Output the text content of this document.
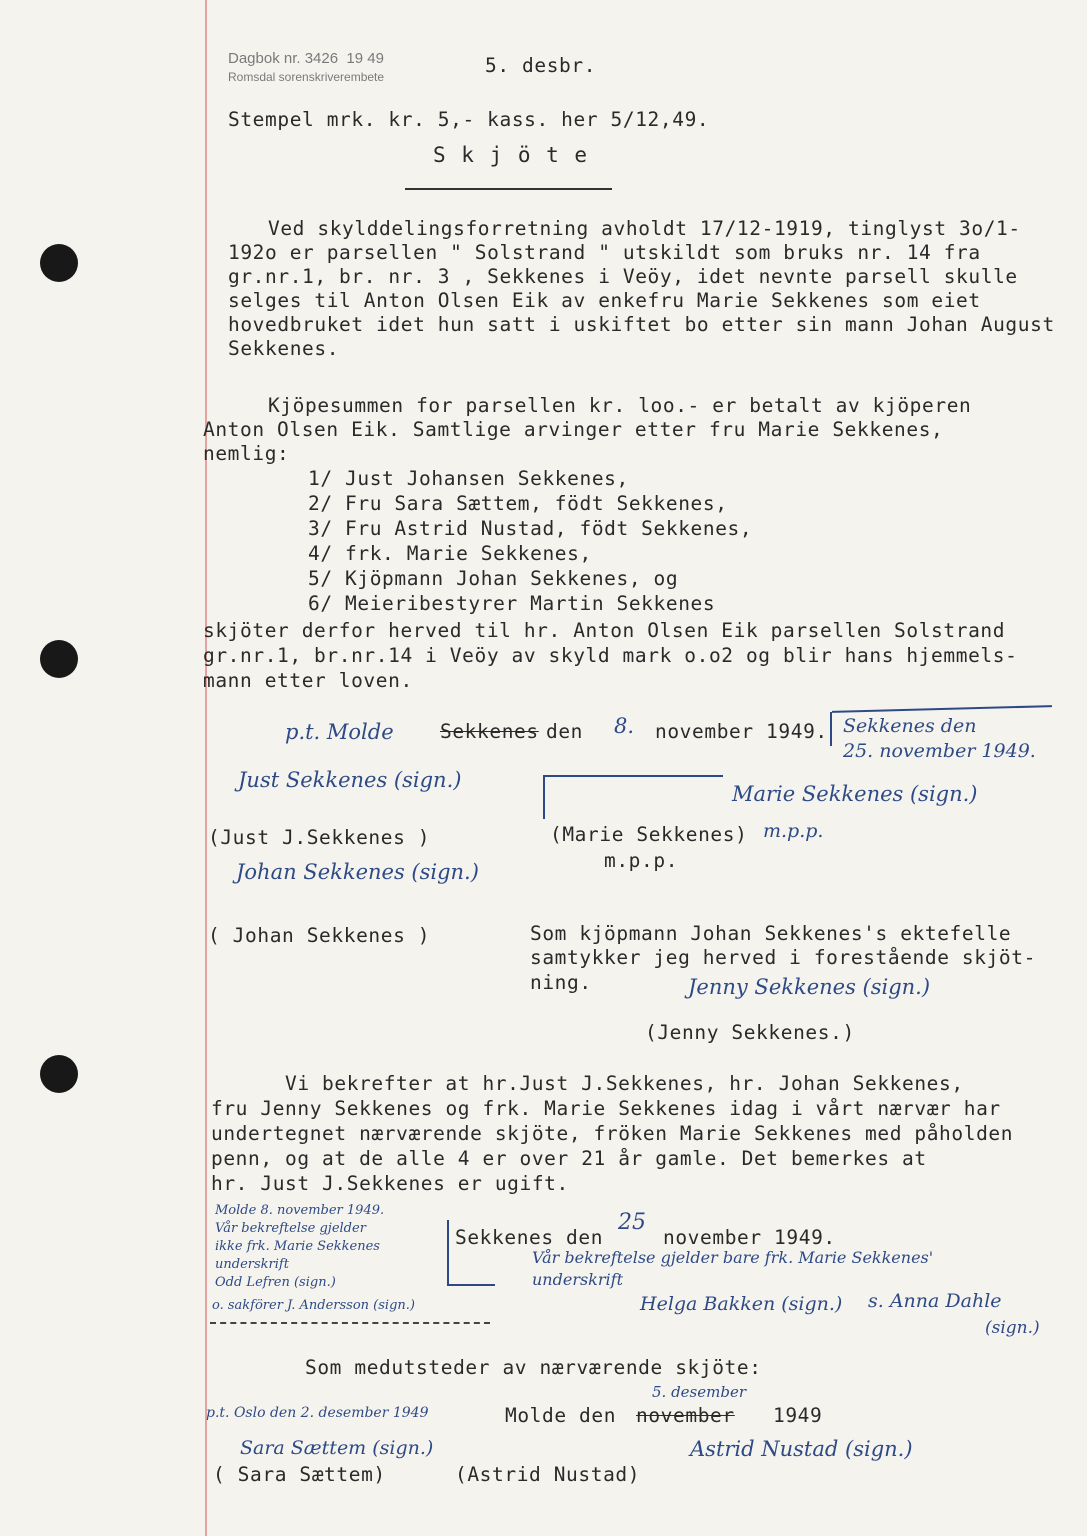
Dagbok nr. 3426  19 49
Romsdal sorenskriverembete	5. desbr.
Stempel mrk. kr. 5,- kass. her 5/12,49.
S k j ö t e
Ved skylddelingsforretning avholdt 17/12-1919, tinglyst 3o/1-
192o er parsellen " Solstrand " utskildt som bruks nr. 14 fra
gr.nr.1, br. nr. 3 , Sekkenes i Veöy, idet nevnte parsell skulle
selges til Anton Olsen Eik av enkefru Marie Sekkenes som eiet
hovedbruket idet hun satt i uskiftet bo etter sin mann Johan August
Sekkenes.
Kjöpesummen for parsellen kr. loo.- er betalt av kjöperen
Anton Olsen Eik. Samtlige arvinger etter fru Marie Sekkenes,
nemlig:
1/ Just Johansen Sekkenes,
2/ Fru Sara Sættem, födt Sekkenes,
3/ Fru Astrid Nustad, födt Sekkenes,
4/ frk. Marie Sekkenes,
5/ Kjöpmann Johan Sekkenes, og
6/ Meieribestyrer Martin Sekkenes
skjöter derfor herved til hr. Anton Olsen Eik parsellen Solstrand
gr.nr.1, br.nr.14 i Veöy av skyld mark o.o2 og blir hans hjemmels-
mann etter loven.
p.t. Molde Sekkenes den 8. november 1949. Sekkenes den
25. november 1949.
Just Sekkenes (sign.)
Marie Sekkenes (sign.)
(Just J.Sekkenes )	(Marie Sekkenes) m.p.p.
m.p.p.
Johan Sekkenes (sign.)
( Johan Sekkenes )	Som kjöpmann Johan Sekkenes's ektefelle
samtykker jeg herved i forestående skjöt-
ning.	Jenny Sekkenes (sign.)
(Jenny Sekkenes.)
Vi bekrefter at hr.Just J.Sekkenes, hr. Johan Sekkenes,
fru Jenny Sekkenes og frk. Marie Sekkenes idag i vårt nærvær har
undertegnet nærværende skjöte, fröken Marie Sekkenes med påholden
penn, og at de alle 4 er over 21 år gamle. Det bemerkes at
hr. Just J.Sekkenes er ugift.
Molde 8. november 1949.
Vår bekreftelse gjelder
ikke frk. Marie Sekkenes
underskrift
Odd Lefren (sign.)
o. sakförer J. Andersson (sign.)
Sekkenes den
25
november 1949.
Vår bekreftelse gjelder bare frk. Marie Sekkenes'
underskrift
Helga Bakken (sign.) s. Anna Dahle
(sign.)
Som medutsteder av nærværende skjöte:
p.t. Oslo den 2. desember 1949
Sara Sættem (sign.)
Molde den november
5. desember
1949
Astrid Nustad (sign.)
( Sara Sættem)	(Astrid Nustad)
